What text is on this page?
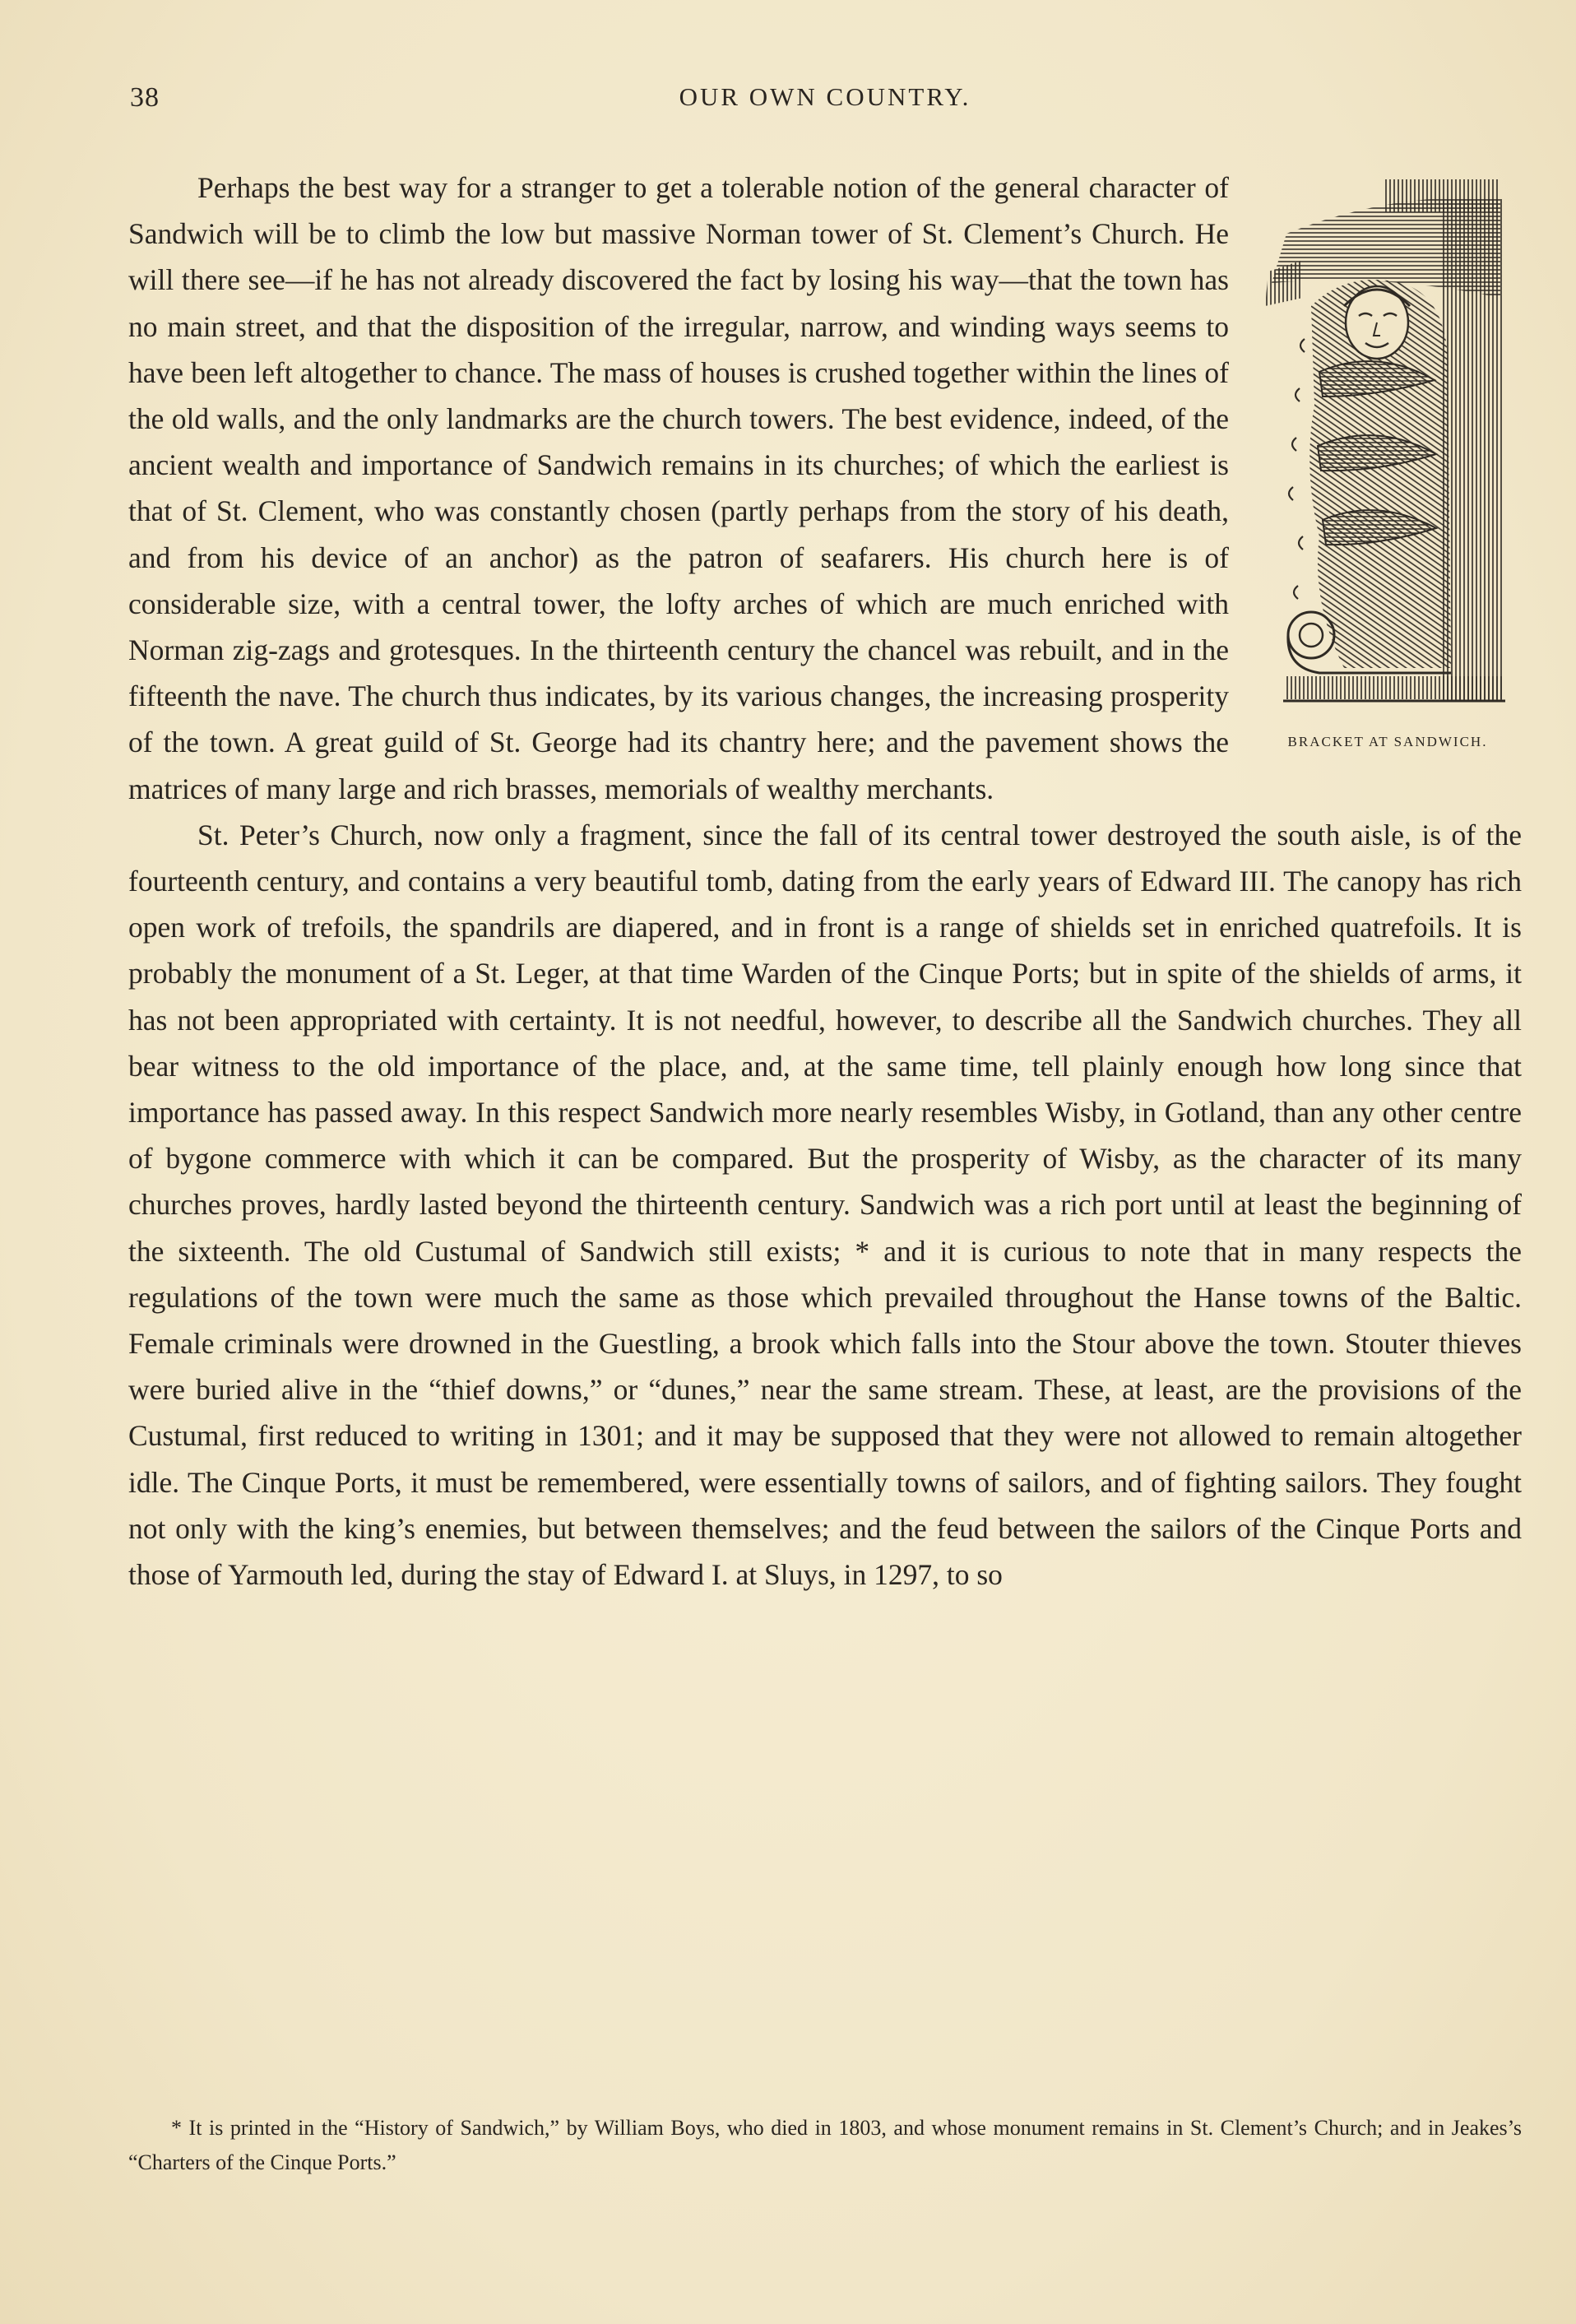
38	OUR OWN COUNTRY.
BRACKET AT SANDWICH.

Perhaps the best way for a stranger to get a tolerable notion of the general character of Sandwich will be to climb the low but massive Norman tower of St. Clement’s Church. He will there see—if he has not already discovered the fact by losing his way—that the town has no main street, and that the disposition of the irregular, narrow, and winding ways seems to have been left altogether to chance. The mass of houses is crushed together within the lines of the old walls, and the only landmarks are the church towers. The best evidence, indeed, of the ancient wealth and importance of Sandwich remains in its churches; of which the earliest is that of St. Clement, who was constantly chosen (partly perhaps from the story of his death, and from his device of an anchor) as the patron of seafarers. His church here is of considerable size, with a central tower, the lofty arches of which are much enriched with Norman zig-zags and grotesques. In the thirteenth century the chancel was rebuilt, and in the fifteenth the nave. The church thus indicates, by its various changes, the increasing prosperity of the town. A great guild of St. George had its chantry here; and the pavement shows the matrices of many large and rich brasses, memorials of wealthy merchants.

St. Peter’s Church, now only a fragment, since the fall of its central tower destroyed the south aisle, is of the fourteenth century, and contains a very beautiful tomb, dating from the early years of Edward III. The canopy has rich open work of trefoils, the spandrils are diapered, and in front is a range of shields set in enriched quatrefoils. It is probably the monument of a St. Leger, at that time Warden of the Cinque Ports; but in spite of the shields of arms, it has not been appropriated with certainty. It is not needful, however, to describe all the Sandwich churches. They all bear witness to the old importance of the place, and, at the same time, tell plainly enough how long since that importance has passed away. In this respect Sandwich more nearly resembles Wisby, in Gotland, than any other centre of bygone commerce with which it can be compared. But the prosperity of Wisby, as the character of its many churches proves, hardly lasted beyond the thirteenth century. Sandwich was a rich port until at least the beginning of the sixteenth. The old Custumal of Sandwich still exists; * and it is curious to note that in many respects the regulations of the town were much the same as those which prevailed throughout the Hanse towns of the Baltic. Female criminals were drowned in the Guestling, a brook which falls into the Stour above the town. Stouter thieves were buried alive in the “thief downs,” or “dunes,” near the same stream. These, at least, are the provisions of the Custumal, first reduced to writing in 1301; and it may be supposed that they were not allowed to remain altogether idle. The Cinque Ports, it must be remembered, were essentially towns of sailors, and of fighting sailors. They fought not only with the king’s enemies, but between themselves; and the feud between the sailors of the Cinque Ports and those of Yarmouth led, during the stay of Edward I. at Sluys, in 1297, to so

* It is printed in the “History of Sandwich,” by William Boys, who died in 1803, and whose monument remains in St. Clement’s Church; and in Jeakes’s “Charters of the Cinque Ports.”
